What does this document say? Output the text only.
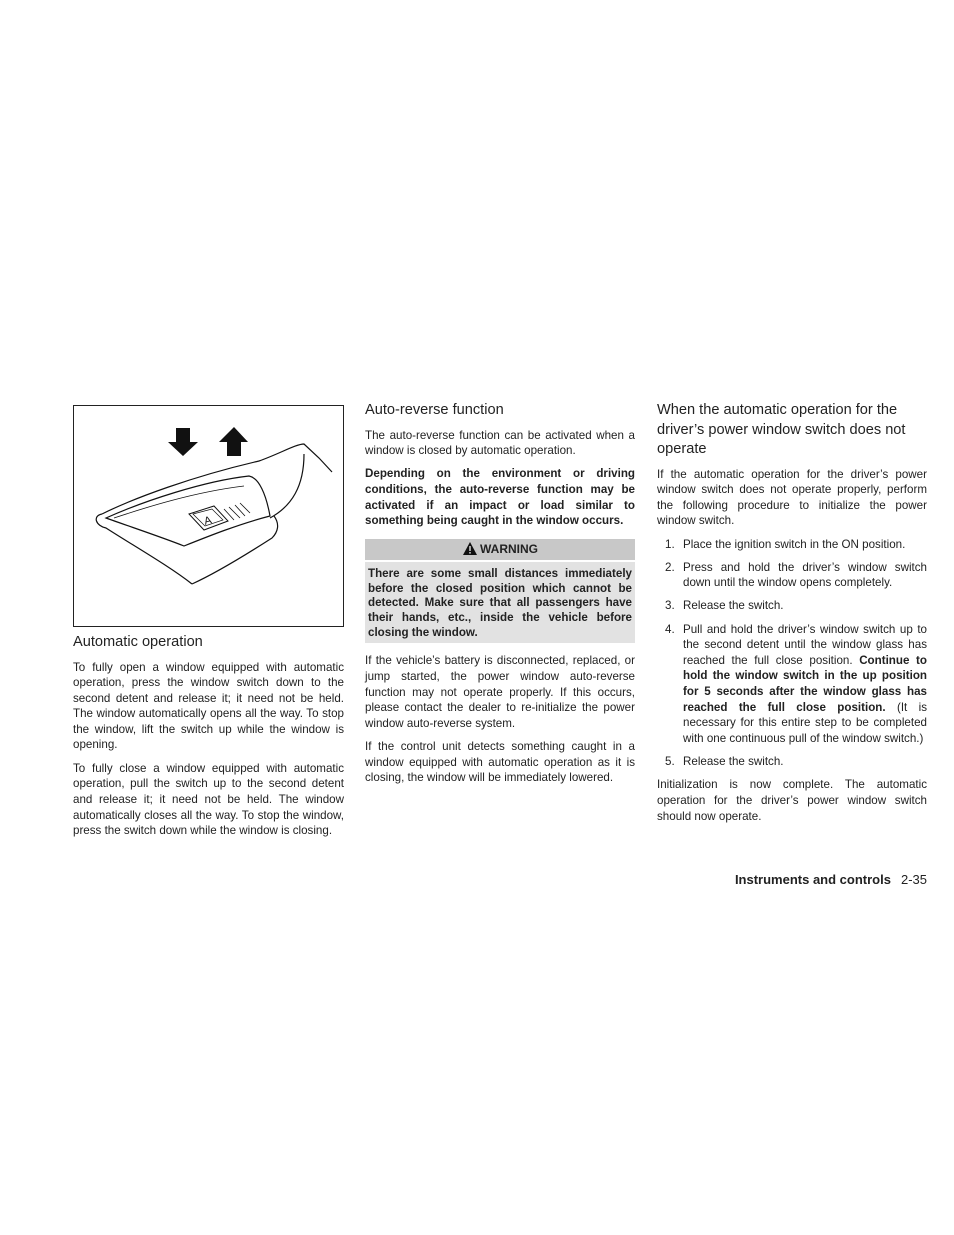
A
Automatic operation

To fully open a window equipped with automatic operation, press the window switch down to the second detent and release it; it need not be held. The window automatically opens all the way. To stop the window, lift the switch up while the window is opening.

To fully close a window equipped with automatic operation, pull the switch up to the second detent and release it; it need not be held. The window automatically closes all the way. To stop the window, press the switch down while the window is closing.

Auto-reverse function

The auto-reverse function can be activated when a window is closed by automatic operation.

Depending on the environment or driving conditions, the auto-reverse function may be activated if an impact or load similar to something being caught in the window occurs.

WARNING
There are some small distances immediately before the closed position which cannot be detected. Make sure that all passengers have their hands, etc., inside the vehicle before closing the window.

If the vehicle’s battery is disconnected, replaced, or jump started, the power window auto-reverse function may not operate properly. If this occurs, please contact the dealer to re-initialize the power window auto-reverse system.

If the control unit detects something caught in a window equipped with automatic operation as it is closing, the window will be immediately lowered.

When the automatic operation for the driver’s power window switch does not operate

If the automatic operation for the driver’s power window switch does not operate properly, perform the following procedure to initialize the power window switch.

1. Place the ignition switch in the ON position.
2. Press and hold the driver’s window switch down until the window opens completely.
3. Release the switch.
4. Pull and hold the driver’s window switch up to the second detent until the window glass has reached the full close position. Continue to hold the window switch in the up position for 5 seconds after the window glass has reached the full close position. (It is necessary for this entire step to be completed with one continuous pull of the window switch.)
5. Release the switch.

Initialization is now complete. The automatic operation for the driver’s power window switch should now operate.

Instruments and controls 2-35
